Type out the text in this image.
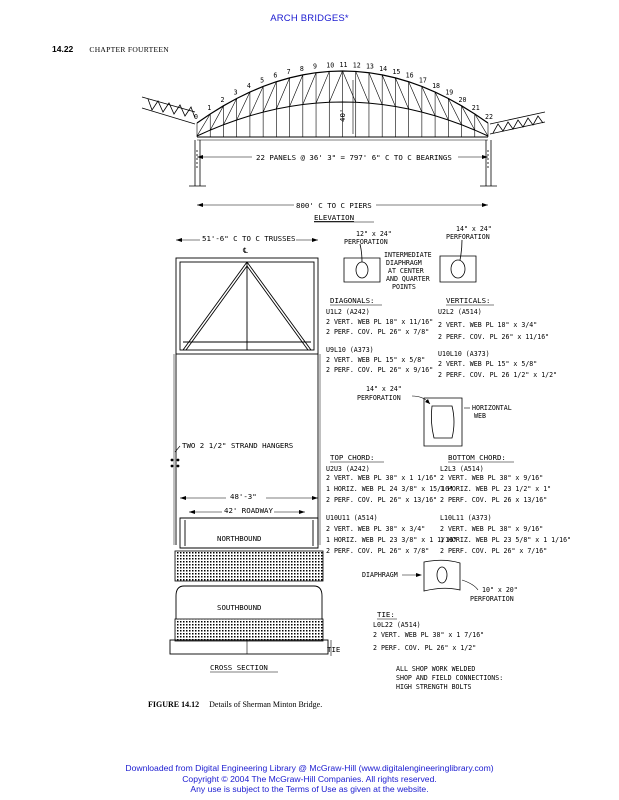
ARCH BRIDGES*
14.22 CHAPTER FOURTEEN
0
1
2
3
4
5
6 7 8 9 10 11 12 13 14 15 16
17
18
19
20
21
22
40'
22 PANELS @ 36' 3" = 797' 6" C TO C BEARINGS
800' C TO C PIERS
ELEVATION
51'-6" C TO C TRUSSES
℄
TWO 2 1/2" STRAND HANGERS
48'-3"
42' ROADWAY
NORTHBOUND
SOUTHBOUND
TIE
CROSS SECTION
12" x 24"
PERFORATION
14" x 24"
PERFORATION
INTERMEDIATE
DIAPHRAGM
AT CENTER
AND QUARTER
POINTS
DIAGONALS:
U1L2 (A242)
2 VERT. WEB PL 18" x 11/16"
2 PERF. COV. PL 26" x 7/8"
U9L10 (A373)
2 VERT. WEB PL 15" x 5/8"
2 PERF. COV. PL 26" x 9/16"
VERTICALS:
U2L2 (A514)
2 VERT. WEB PL 18" x 3/4"
2 PERF. COV. PL 26" x 11/16"
U10L10 (A373)
2 VERT. WEB PL 15" x 5/8"
2 PERF. COV. PL 26 1/2" x 1/2"
14" x 24"
PERFORATION
HORIZONTAL
WEB
TOP CHORD:
U2U3 (A242)
2 VERT. WEB PL 38" x 1 1/16"
1 HORIZ. WEB PL 24 3/8" x 15/16"
2 PERF. COV. PL 26" x 13/16"
U10U11 (A514)
2 VERT. WEB PL 38" x 3/4"
1 HORIZ. WEB PL 23 3/8" x 1 1/16"
2 PERF. COV. PL 26" x 7/8"
BOTTOM CHORD:
L2L3 (A514)
2 VERT. WEB PL 38" x 9/16"
1 HORIZ. WEB PL 23 1/2" x 1"
2 PERF. COV. PL 26 x 13/16"
L10L11 (A373)
2 VERT. WEB PL 38" x 9/16"
1 HORIZ. WEB PL 23 5/8" x 1 1/16"
2 PERF. COV. PL 26" x 7/16"
DIAPHRAGM
10" x 20"
PERFORATION
TIE:
L0L22 (A514)
2 VERT. WEB PL 38" x 1 7/16"
2 PERF. COV. PL 26" x 1/2"
ALL SHOP WORK WELDED
SHOP AND FIELD CONNECTIONS:
HIGH STRENGTH BOLTS
FIGURE 14.12 Details of Sherman Minton Bridge.
Downloaded from Digital Engineering Library @ McGraw-Hill (www.digitalengineeringlibrary.com)
Copyright © 2004 The McGraw-Hill Companies. All rights reserved.
Any use is subject to the Terms of Use as given at the website.
